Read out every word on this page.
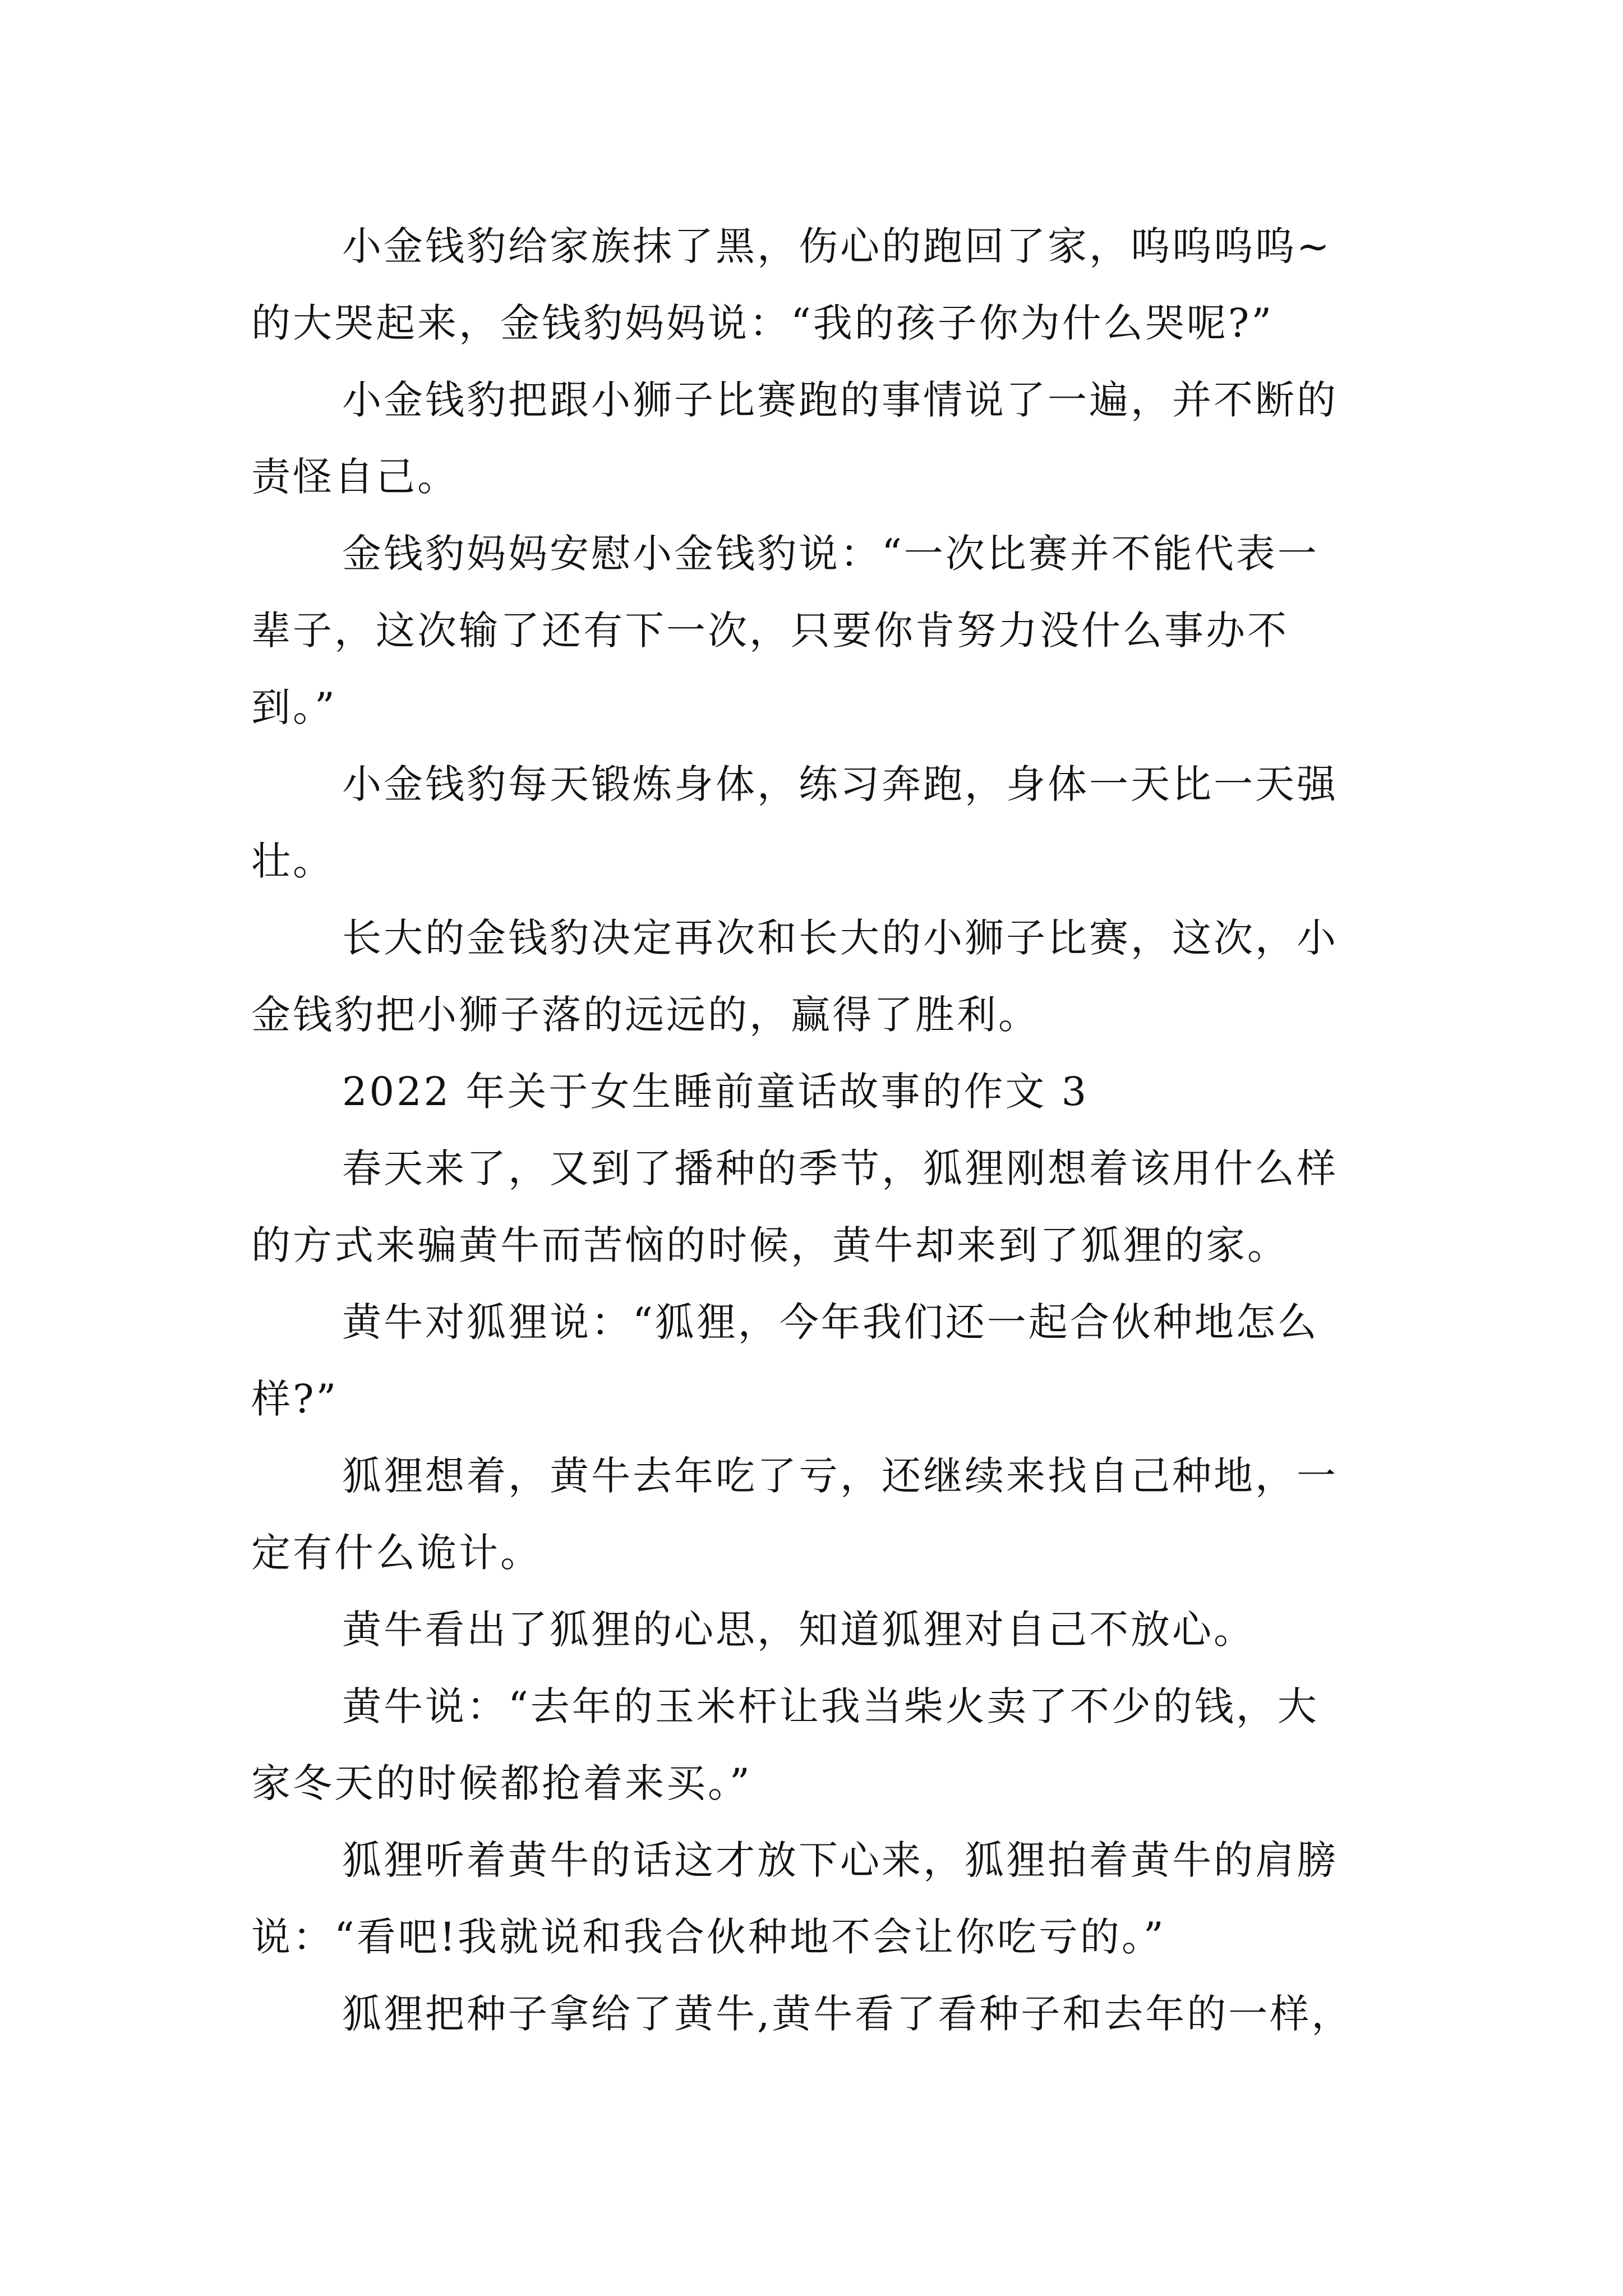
小金钱豹给家族抹了黑，伤心的跑回了家，呜呜呜呜~
的大哭起来，金钱豹妈妈说：“我的孩子你为什么哭呢?”
小金钱豹把跟小狮子比赛跑的事情说了一遍，并不断的
责怪自己。
金钱豹妈妈安慰小金钱豹说：“一次比赛并不能代表一
辈子，这次输了还有下一次，只要你肯努力没什么事办不
到。”
小金钱豹每天锻炼身体，练习奔跑，身体一天比一天强
壮。
长大的金钱豹决定再次和长大的小狮子比赛，这次，小
金钱豹把小狮子落的远远的，赢得了胜利。
2022 年关于女生睡前童话故事的作文 3
春天来了，又到了播种的季节，狐狸刚想着该用什么样
的方式来骗黄牛而苦恼的时候，黄牛却来到了狐狸的家。
黄牛对狐狸说：“狐狸，今年我们还一起合伙种地怎么
样?”
狐狸想着，黄牛去年吃了亏，还继续来找自己种地，一
定有什么诡计。
黄牛看出了狐狸的心思，知道狐狸对自己不放心。
黄牛说：“去年的玉米杆让我当柴火卖了不少的钱，大
家冬天的时候都抢着来买。”
狐狸听着黄牛的话这才放下心来，狐狸拍着黄牛的肩膀
说：“看吧!我就说和我合伙种地不会让你吃亏的。”
狐狸把种子拿给了黄牛,黄牛看了看种子和去年的一样，
